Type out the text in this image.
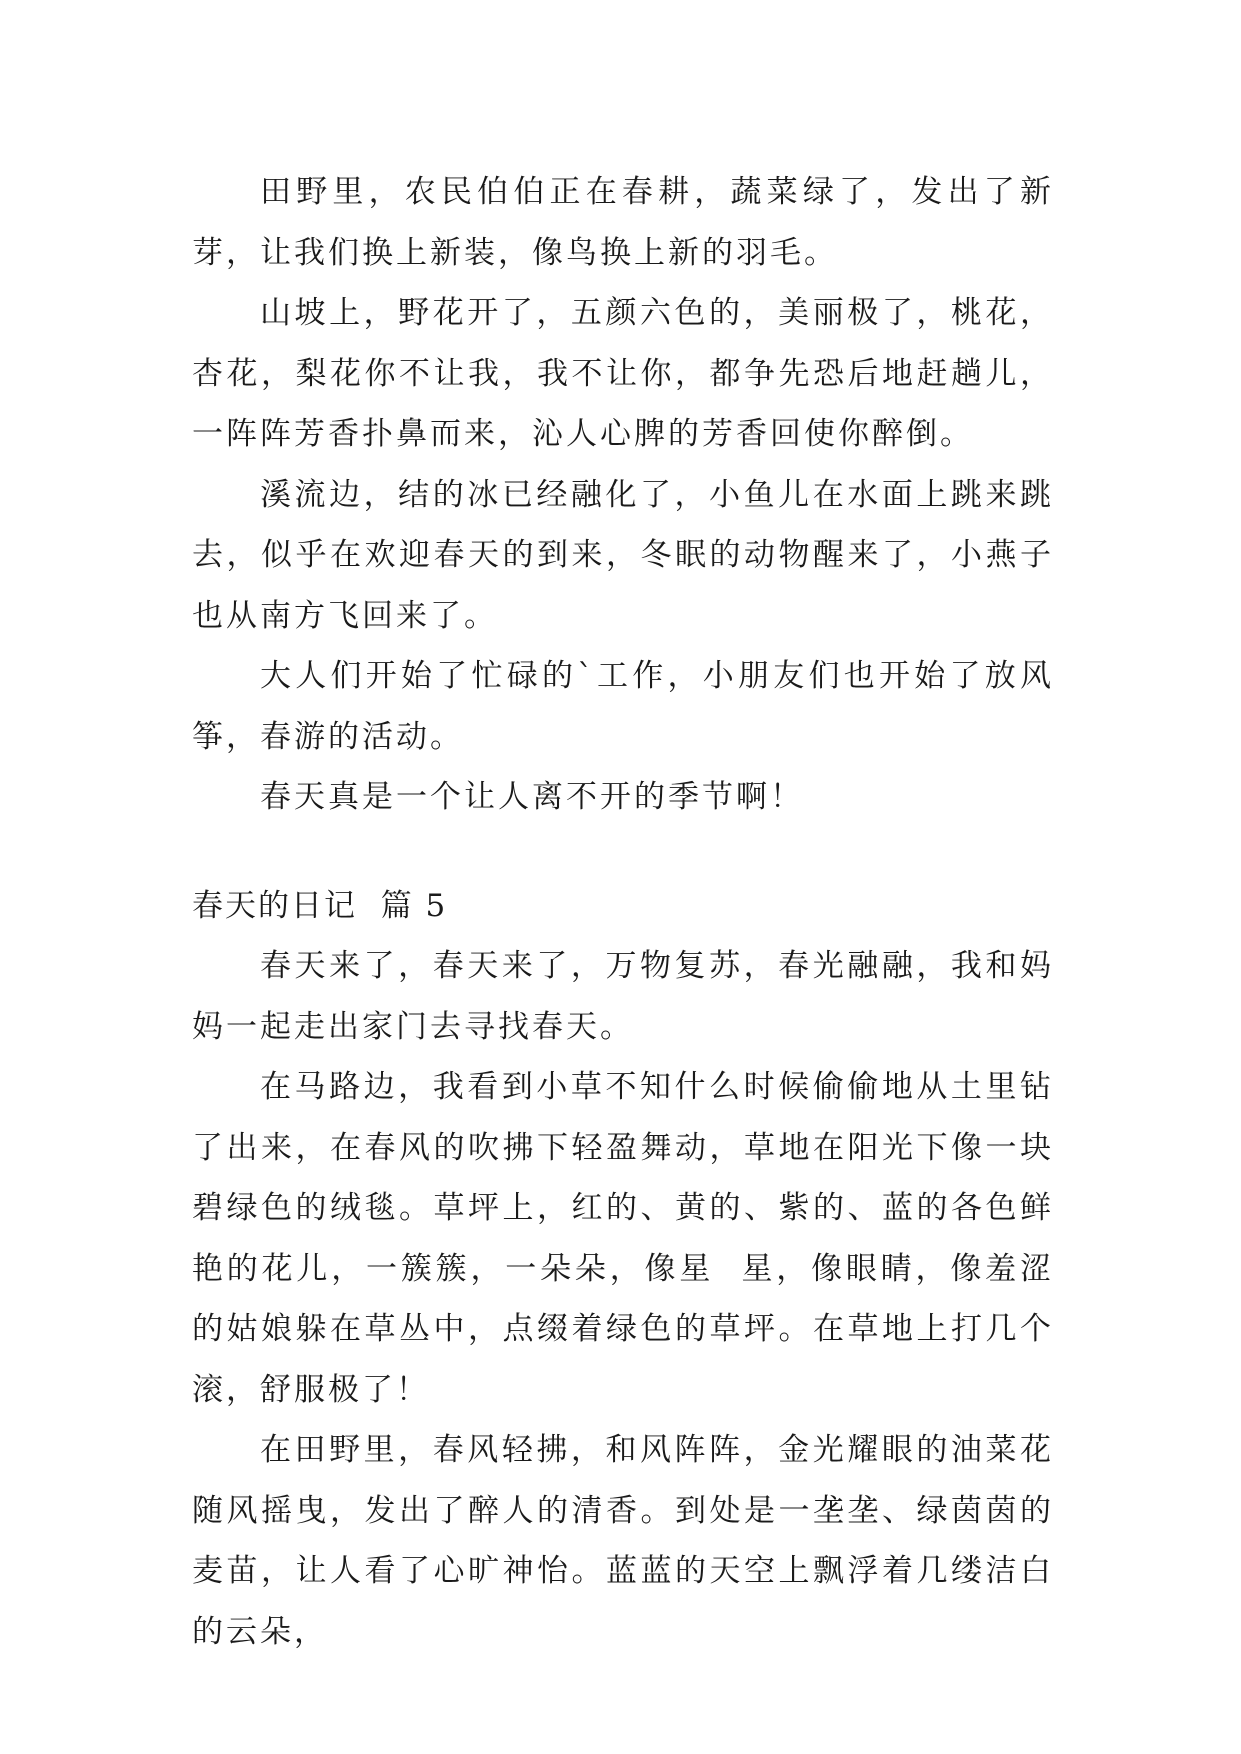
田野里，农民伯伯正在春耕，蔬菜绿了，发出了新芽，让我们换上新装，像鸟换上新的羽毛。

山坡上，野花开了，五颜六色的，美丽极了，桃花，杏花，梨花你不让我，我不让你，都争先恐后地赶趟儿，一阵阵芳香扑鼻而来，沁人心脾的芳香回使你醉倒。

溪流边，结的冰已经融化了，小鱼儿在水面上跳来跳去，似乎在欢迎春天的到来，冬眠的动物醒来了，小燕子也从南方飞回来了。

大人们开始了忙碌的`工作，小朋友们也开始了放风筝，春游的活动。

春天真是一个让人离不开的季节啊！

春天的日记  篇 5

春天来了，春天来了，万物复苏，春光融融，我和妈妈一起走出家门去寻找春天。

在马路边，我看到小草不知什么时候偷偷地从土里钻了出来，在春风的吹拂下轻盈舞动，草地在阳光下像一块碧绿色的绒毯。草坪上，红的、黄的、紫的、蓝的各色鲜艳的花儿，一簇簇，一朵朵，像星  星，像眼睛，像羞涩的姑娘躲在草丛中，点缀着绿色的草坪。在草地上打几个滚，舒服极了！

在田野里，春风轻拂，和风阵阵，金光耀眼的油菜花随风摇曳，发出了醉人的清香。到处是一垄垄、绿茵茵的麦苗，让人看了心旷神怡。蓝蓝的天空上飘浮着几缕洁白的云朵，
